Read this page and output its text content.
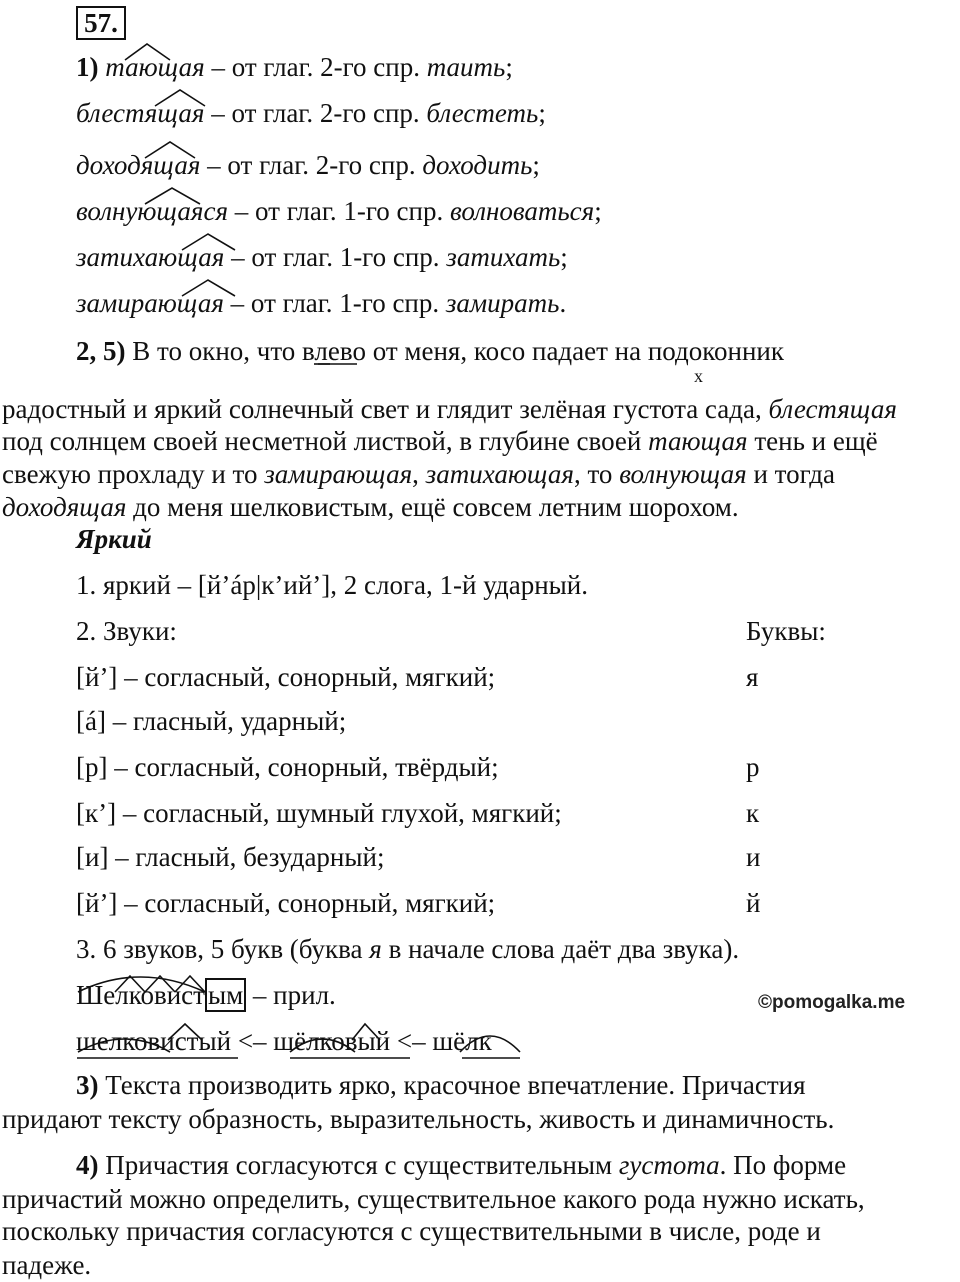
57.
1) тающая – от глаг. 2-го спр. таить;
блестящая – от глаг. 2-го спр. блестеть;
доходящая – от глаг. 2-го спр. доходить;
волнующаяся – от глаг. 1-го спр. волноваться;
затихающая – от глаг. 1-го спр. затихать;
замирающая – от глаг. 1-го спр. замирать.
2, 5) В то окно, что влево от меня, косо падает на подоконник
х
радостный и яркий солнечный свет и глядит зелёная густота сада, блестящая
под солнцем своей несметной листвой, в глубине своей тающая тень и ещё
свежую прохладу и то замирающая, затихающая, то волнующая и тогда
доходящая до меня шелковистым, ещё совсем летним шорохом.
Яркий
1. яркий – [й’áр|к’ий’], 2 слога, 1-й ударный.
2. Звуки:	Буквы:
[й’] – согласный, сонорный, мягкий;	я
[á] – гласный, ударный;
[р] – согласный, сонорный, твёрдый;	р
[к’] – согласный, шумный глухой, мягкий;	к
[и] – гласный, безударный;	и
[й’] – согласный, сонорный, мягкий;	й
3. 6 звуков, 5 букв (буква я в начале слова даёт два звука).
Шелковист ым – прил.	©pomogalka.me
шелковистый <– шёлковый <– шёлк
3) Текста производить ярко, красочное впечатление. Причастия
придают тексту образность, выразительность, живость и динамичность.
4) Причастия согласуются с существительным густота. По форме
причастий можно определить, существительное какого рода нужно искать,
поскольку причастия согласуются с существительными в числе, роде и
падеже.
